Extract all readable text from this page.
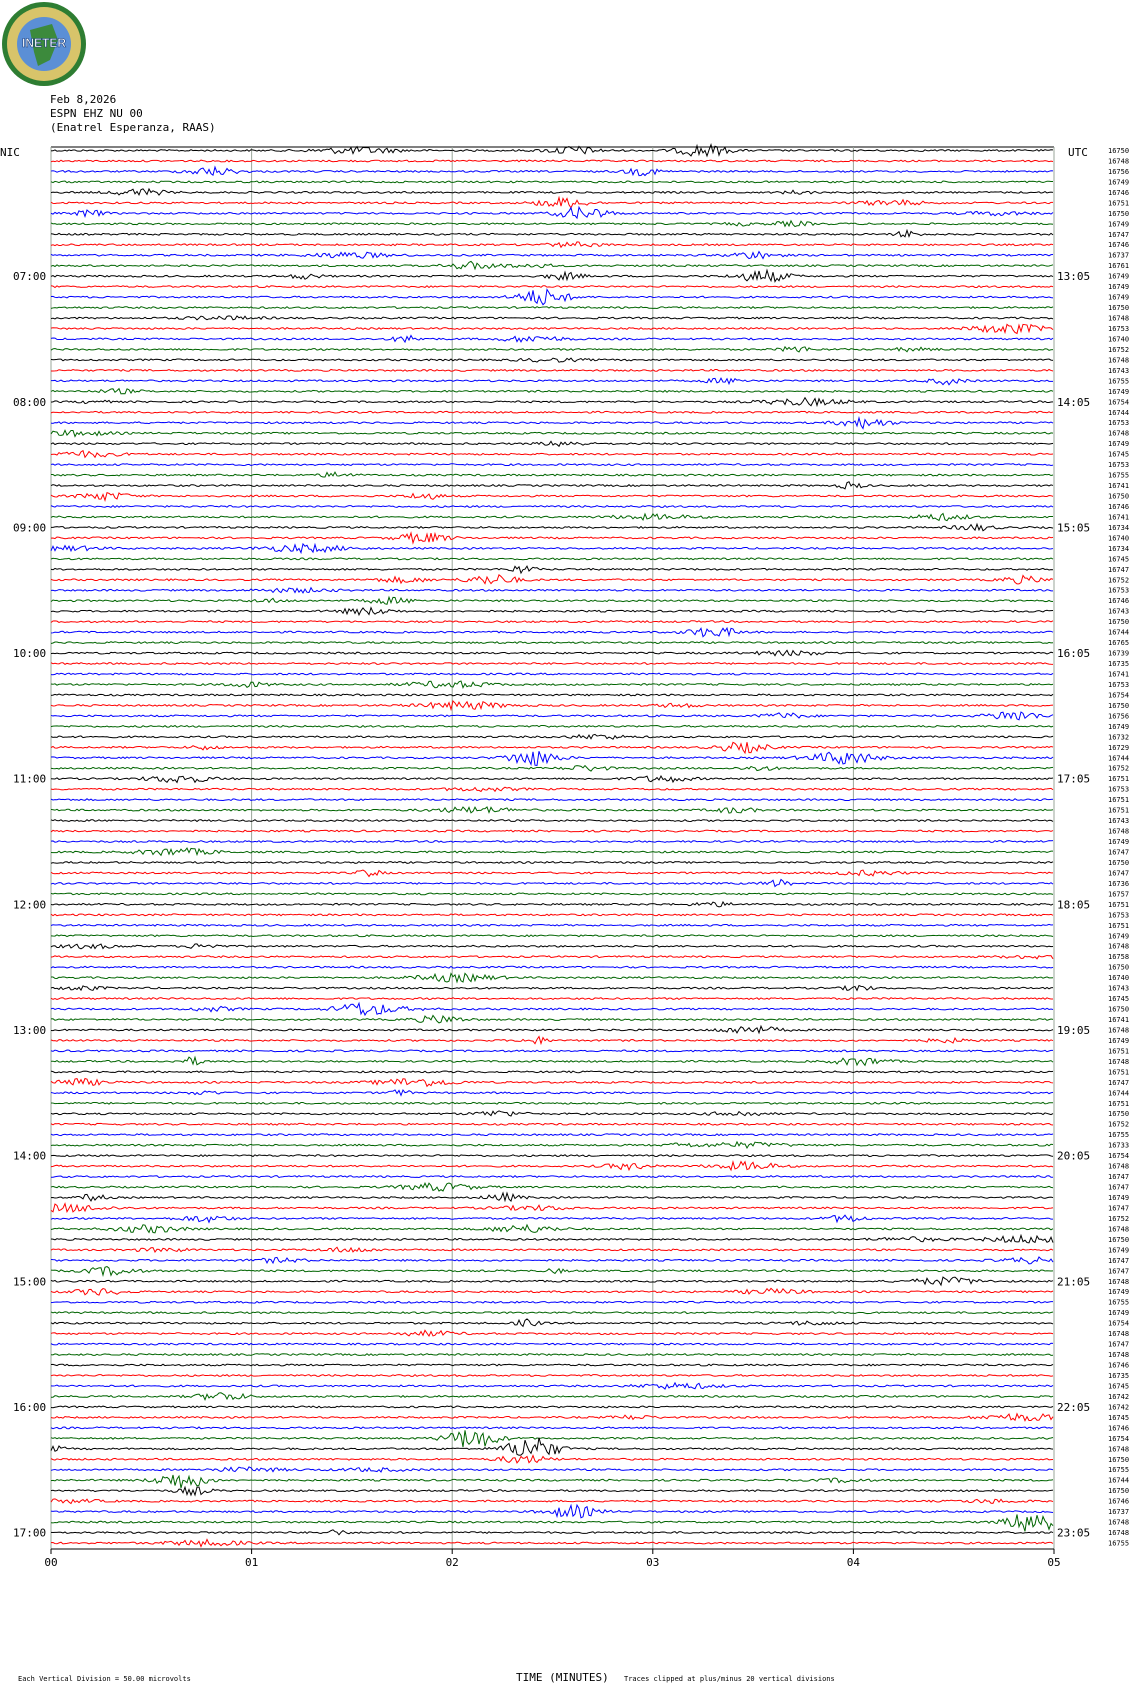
INETER
Feb 8,2026
ESPN EHZ NU 00
(Enatrel Esperanza, RAAS)
NIC	UTC
TIME (MINUTES)
Each Vertical Division = 50.00 microvolts	Traces clipped at plus/minus 20 vertical divisions
00	01	02	03	04	05
16750
16748
16756
16749
16746
16751
16750
16749
16747
16746
16737
16761
16749
16749
16749
16750
16748
16753
16740
16752
16748
16743
16755
16749
16754
16744
16753
16748
16749
16745
16753
16755
16741
16750
16746
16741
16734
16740
16734
16745
16747
16752
16753
16746
16743
16750
16744
16765
16739
16735
16741
16753
16754
16750
16756
16749
16732
16729
16744
16752
16751
16753
16751
16751
16743
16748
16749
16747
16750
16747
16736
16757
16751
16753
16751
16749
16748
16758
16750
16740
16743
16745
16750
16741
16748
16749
16751
16748
16751
16747
16744
16751
16750
16752
16755
16733
16754
16748
16747
16747
16749
16747
16752
16748
16750
16749
16747
16747
16748
16749
16755
16749
16754
16748
16747
16748
16746
16735
16745
16742
16742
16745
16746
16754
16748
16750
16755
16744
16750
16746
16737
16748
16748
16755
07:00	13:05
08:00	14:05
09:00	15:05
10:00	16:05
11:00	17:05
12:00	18:05
13:00	19:05
14:00	20:05
15:00	21:05
16:00	22:05
17:00	23:05
